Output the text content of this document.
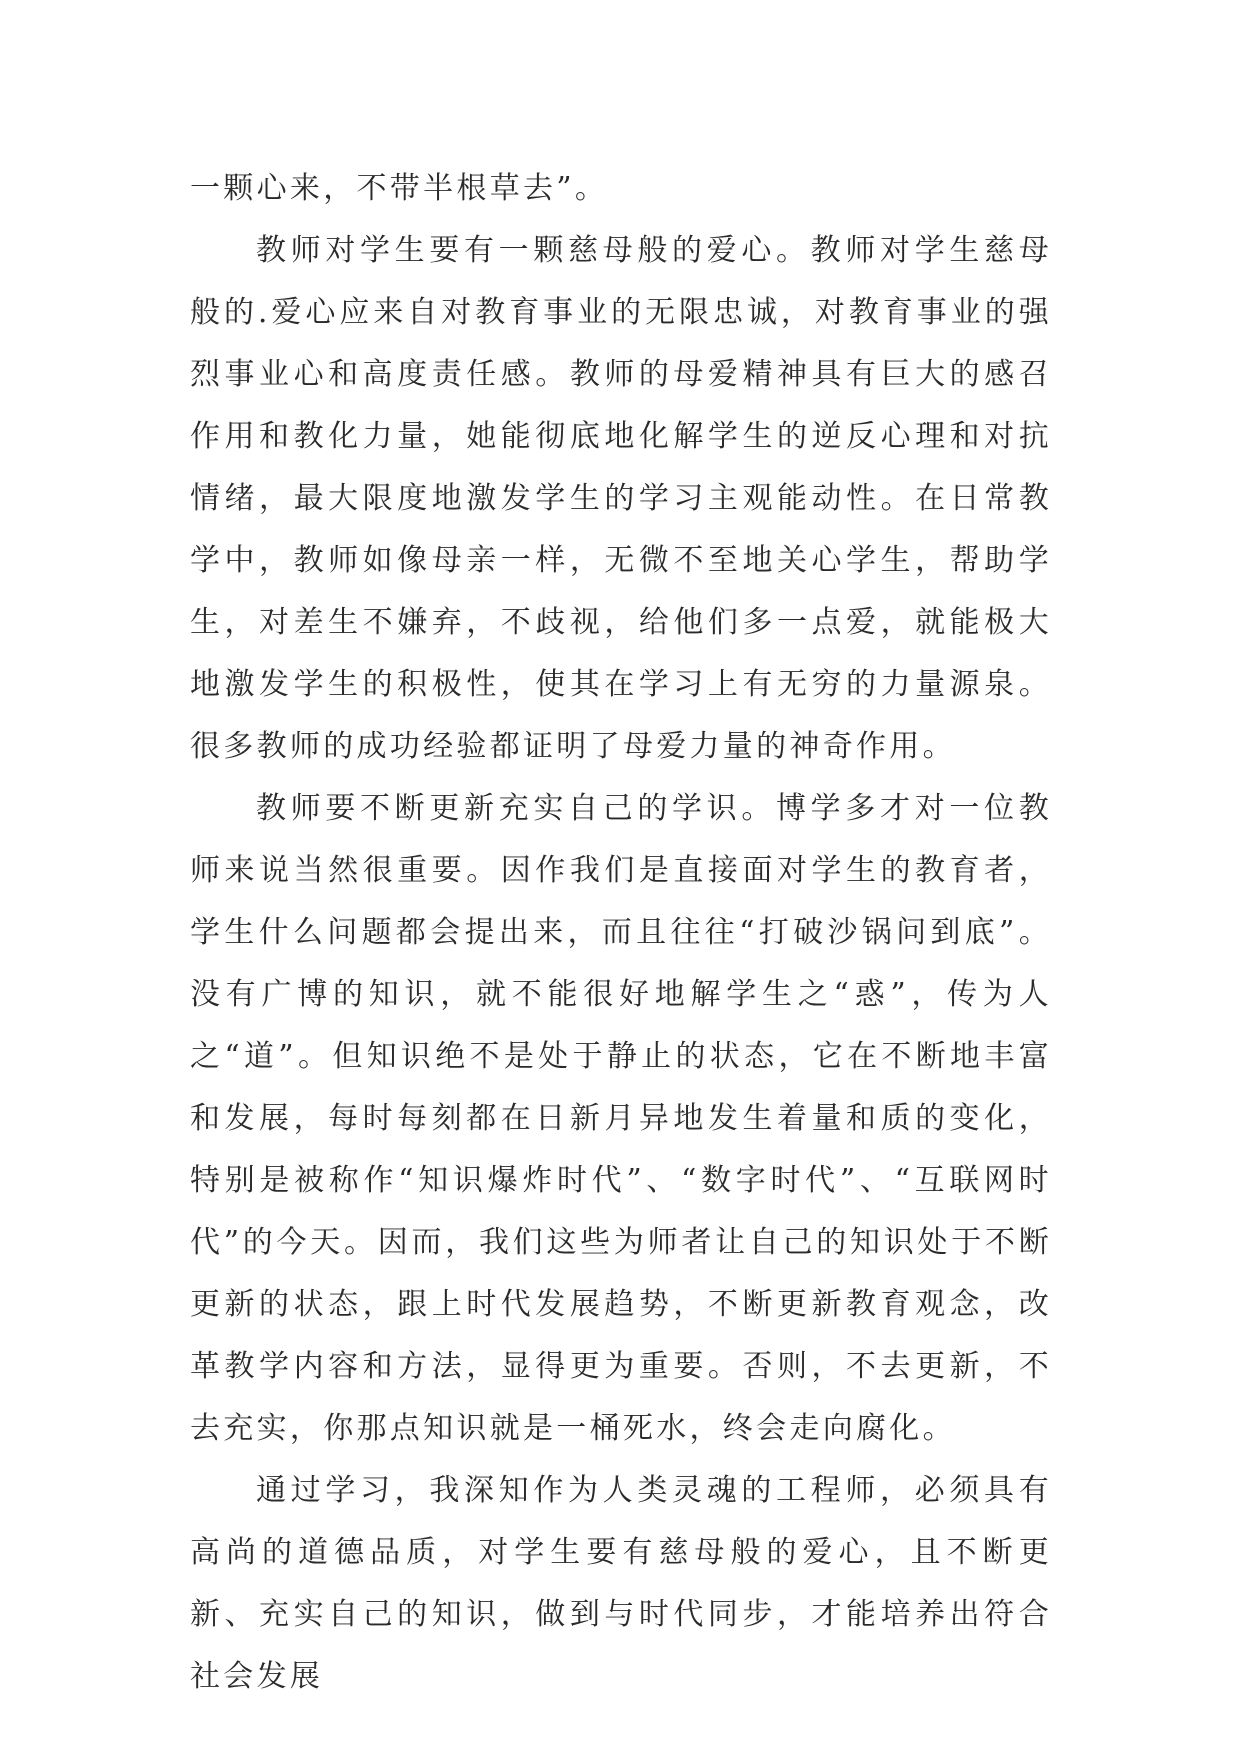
一颗心来，不带半根草去”。

教师对学生要有一颗慈母般的爱心。教师对学生慈母般的.爱心应来自对教育事业的无限忠诚，对教育事业的强烈事业心和高度责任感。教师的母爱精神具有巨大的感召作用和教化力量，她能彻底地化解学生的逆反心理和对抗情绪，最大限度地激发学生的学习主观能动性。在日常教学中，教师如像母亲一样，无微不至地关心学生，帮助学生，对差生不嫌弃，不歧视，给他们多一点爱，就能极大地激发学生的积极性，使其在学习上有无穷的力量源泉。很多教师的成功经验都证明了母爱力量的神奇作用。

教师要不断更新充实自己的学识。博学多才对一位教师来说当然很重要。因作我们是直接面对学生的教育者，学生什么问题都会提出来，而且往往“打破沙锅问到底”。没有广博的知识，就不能很好地解学生之“惑”，传为人之“道”。但知识绝不是处于静止的状态，它在不断地丰富和发展，每时每刻都在日新月异地发生着量和质的变化，特别是被称作“知识爆炸时代”、“数字时代”、“互联网时代”的今天。因而，我们这些为师者让自己的知识处于不断更新的状态，跟上时代发展趋势，不断更新教育观念，改革教学内容和方法，显得更为重要。否则，不去更新，不去充实，你那点知识就是一桶死水，终会走向腐化。

通过学习，我深知作为人类灵魂的工程师，必须具有高尚的道德品质，对学生要有慈母般的爱心，且不断更新、充实自己的知识，做到与时代同步，才能培养出符合社会发展
